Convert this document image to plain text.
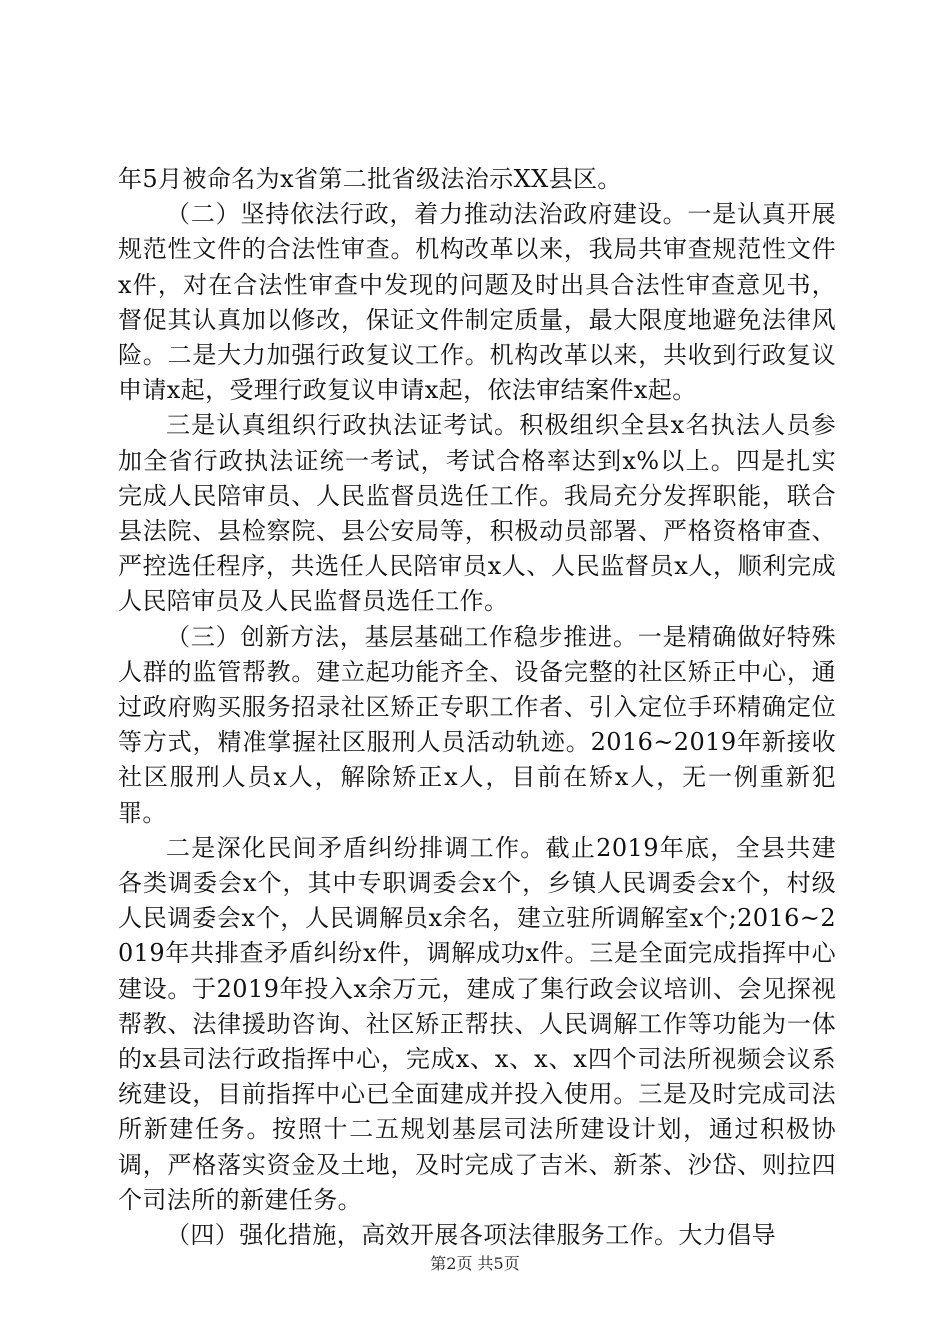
年5月被命名为x省第二批省级法治示XX县区。

（二）坚持依法行政，着力推动法治政府建设。一是认真开展规范性文件的合法性审查。机构改革以来，我局共审查规范性文件x件，对在合法性审查中发现的问题及时出具合法性审查意见书，督促其认真加以修改，保证文件制定质量，最大限度地避免法律风险。二是大力加强行政复议工作。机构改革以来，共收到行政复议申请x起，受理行政复议申请x起，依法审结案件x起。

三是认真组织行政执法证考试。积极组织全县x名执法人员参加全省行政执法证统一考试，考试合格率达到x%以上。四是扎实完成人民陪审员、人民监督员选任工作。我局充分发挥职能，联合县法院、县检察院、县公安局等，积极动员部署、严格资格审查、严控选任程序，共选任人民陪审员x人、人民监督员x人，顺利完成人民陪审员及人民监督员选任工作。

（三）创新方法，基层基础工作稳步推进。一是精确做好特殊人群的监管帮教。建立起功能齐全、设备完整的社区矫正中心，通过政府购买服务招录社区矫正专职工作者、引入定位手环精确定位等方式，精准掌握社区服刑人员活动轨迹。2016~2019年新接收社区服刑人员x人，解除矫正x人，目前在矫x人，无一例重新犯罪。

二是深化民间矛盾纠纷排调工作。截止2019年底，全县共建各类调委会x个，其中专职调委会x个，乡镇人民调委会x个，村级人民调委会x个，人民调解员x余名，建立驻所调解室x个;2016~2019年共排查矛盾纠纷x件，调解成功x件。三是全面完成指挥中心建设。于2019年投入x余万元，建成了集行政会议培训、会见探视帮教、法律援助咨询、社区矫正帮扶、人民调解工作等功能为一体的x县司法行政指挥中心，完成x、x、x、x四个司法所视频会议系统建设，目前指挥中心已全面建成并投入使用。三是及时完成司法所新建任务。按照十二五规划基层司法所建设计划，通过积极协调，严格落实资金及土地，及时完成了吉米、新茶、沙岱、则拉四个司法所的新建任务。

（四）强化措施，高效开展各项法律服务工作。大力倡导

第2页 共5页
